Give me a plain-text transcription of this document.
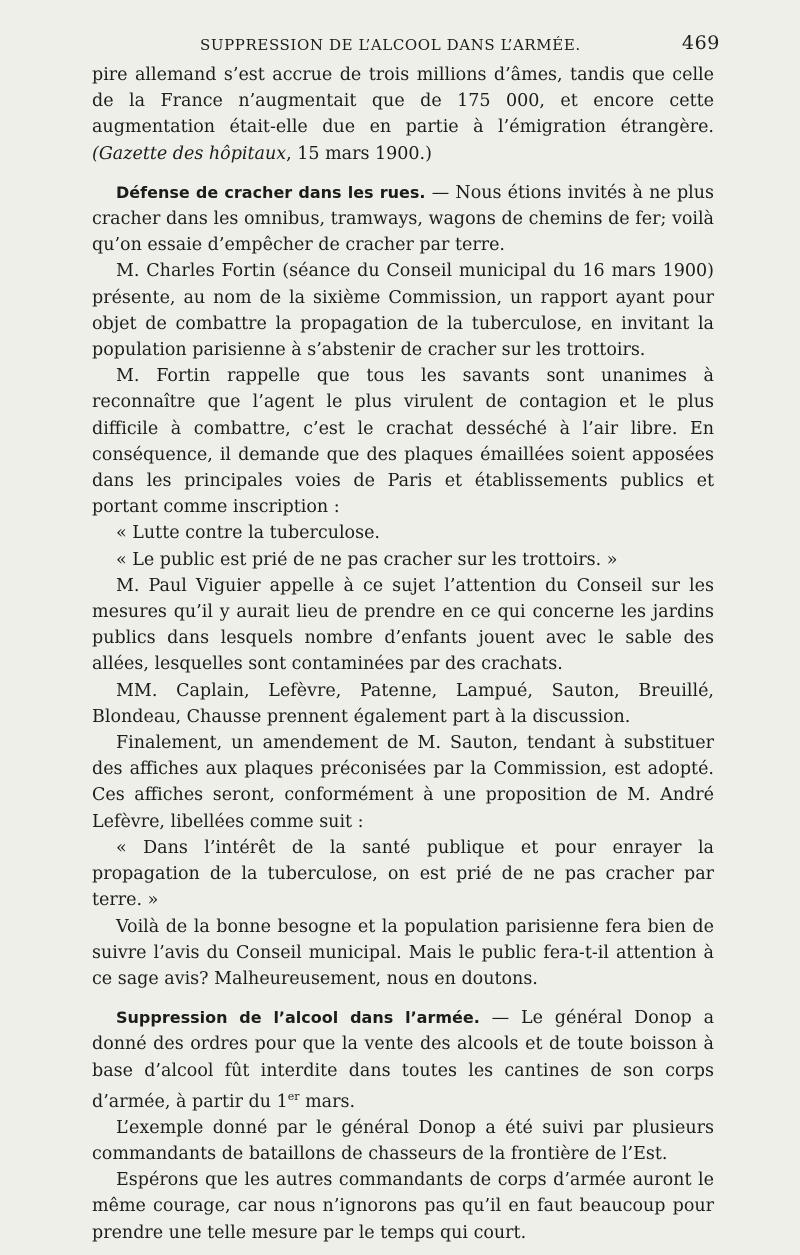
SUPPRESSION DE L’ALCOOL DANS L’ARMÉE.	469

pire allemand s’est accrue de trois millions d’âmes, tandis que celle de la France n’augmentait que de 175 000, et encore cette augmentation était-elle due en partie à l’émigration étrangère. (Gazette des hôpitaux, 15 mars 1900.)

Défense de cracher dans les rues. — Nous étions invités à ne plus cracher dans les omnibus, tramways, wagons de chemins de fer; voilà qu’on essaie d’empêcher de cracher par terre.

M. Charles Fortin (séance du Conseil municipal du 16 mars 1900) présente, au nom de la sixième Commission, un rapport ayant pour objet de combattre la propagation de la tuberculose, en invitant la population parisienne à s’abstenir de cracher sur les trottoirs.

M. Fortin rappelle que tous les savants sont unanimes à reconnaître que l’agent le plus virulent de contagion et le plus difficile à combattre, c’est le crachat desséché à l’air libre. En conséquence, il demande que des plaques émaillées soient apposées dans les principales voies de Paris et établissements publics et portant comme inscription :

« Lutte contre la tuberculose.

« Le public est prié de ne pas cracher sur les trottoirs. »

M. Paul Viguier appelle à ce sujet l’attention du Conseil sur les mesures qu’il y aurait lieu de prendre en ce qui concerne les jardins publics dans lesquels nombre d’enfants jouent avec le sable des allées, lesquelles sont contaminées par des crachats.

MM. Caplain, Lefèvre, Patenne, Lampué, Sauton, Breuillé, Blondeau, Chausse prennent également part à la discussion.

Finalement, un amendement de M. Sauton, tendant à substituer des affiches aux plaques préconisées par la Commission, est adopté. Ces affiches seront, conformément à une proposition de M. André Lefèvre, libellées comme suit :

« Dans l’intérêt de la santé publique et pour enrayer la propagation de la tuberculose, on est prié de ne pas cracher par terre. »

Voilà de la bonne besogne et la population parisienne fera bien de suivre l’avis du Conseil municipal. Mais le public fera-t-il attention à ce sage avis? Malheureusement, nous en doutons.

Suppression de l’alcool dans l’armée. — Le général Donop a donné des ordres pour que la vente des alcools et de toute boisson à base d’alcool fût interdite dans toutes les cantines de son corps d’armée, à partir du 1er mars.

L’exemple donné par le général Donop a été suivi par plusieurs commandants de bataillons de chasseurs de la frontière de l’Est.

Espérons que les autres commandants de corps d’armée auront le même courage, car nous n’ignorons pas qu’il en faut beaucoup pour prendre une telle mesure par le temps qui court.
